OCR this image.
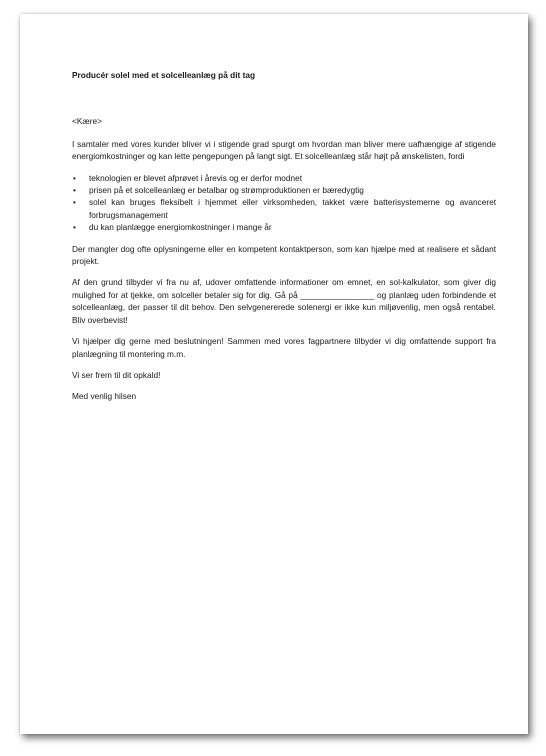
Producér solel med et solcelleanlæg på dit tag
<Kære>

I samtaler med vores kunder bliver vi i stigende grad spurgt om hvordan man bliver mere uafhængige af stigende energiomkostninger og kan lette pengepungen på langt sigt. Et solcelleanlæg står højt på ønskelisten, fordi

• teknologien er blevet afprøvet i årevis og er derfor modnet
• prisen på et solcelleanlæg er betalbar og strømproduktionen er bæredygtig
• solel kan bruges fleksibelt i hjemmet eller virksomheden, takket være batterisystemerne og avanceret forbrugsmanagement
• du kan planlægge energiomkostninger i mange år

Der mangler dog ofte oplysningerne eller en kompetent kontaktperson, som kan hjælpe med at realisere et sådant projekt.

Af den grund tilbyder vi fra nu af, udover omfattende informationer om emnet, en sol-kalkulator, som giver dig mulighed for at tjekke, om solceller betaler sig for dig. Gå på ________________ og planlæg uden forbindende et solcelleanlæg, der passer til dit behov. Den selvgenererede solenergi er ikke kun miljøvenlig, men også rentabel. Bliv overbevist!

Vi hjælper dig gerne med beslutningen! Sammen med vores fagpartnere tilbyder vi dig omfattende support fra planlægning til montering m.m.

Vi ser frem til dit opkald!

Med venlig hilsen
